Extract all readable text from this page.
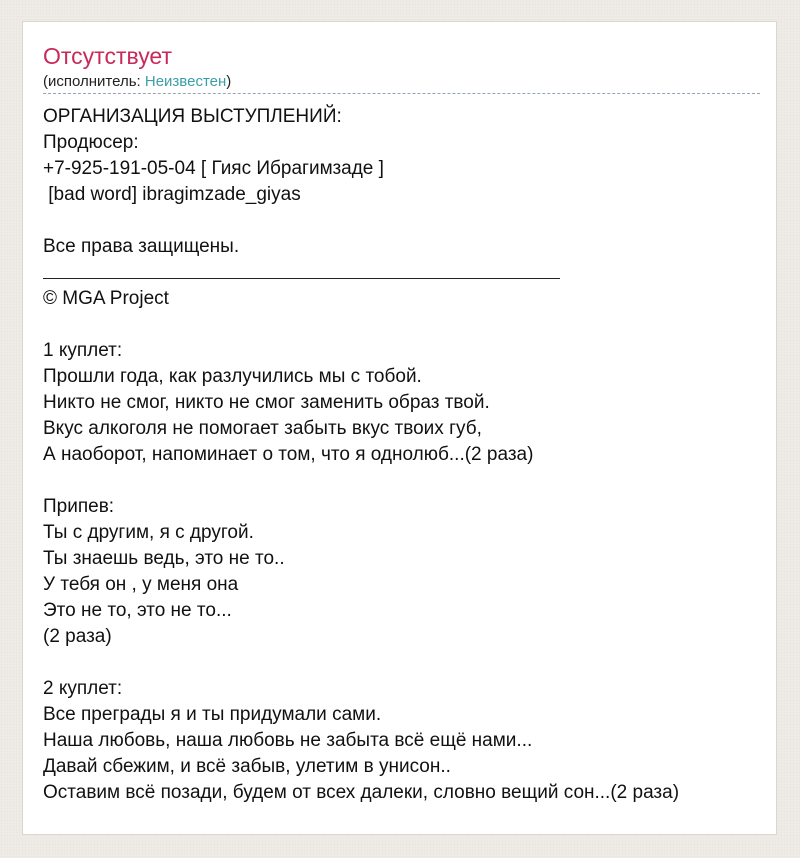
Отсутствует
(исполнитель: Неизвестен)
ОРГАНИЗАЦИЯ ВЫСТУПЛЕНИЙ:
Продюсер:
+7-925-191-05-04 [ Гияс Ибрагимзаде ]
[bad word] ibragimzade_giyas
Все права защищены.
© MGA Project
1 куплет:
Прошли года, как разлучились мы с тобой.
Никто не смог, никто не смог заменить образ твой.
Вкус алкоголя не помогает забыть вкус твоих губ,
А наоборот, напоминает о том, что я однолюб...(2 раза)
Припев:
Ты с другим, я с другой.
Ты знаешь ведь, это не то..
У тебя он , у меня она
Это не то, это не то...
(2 раза)
2 куплет:
Все преграды я и ты придумали сами.
Наша любовь, наша любовь не забыта всё ещё нами...
Давай сбежим, и всё забыв, улетим в унисон..
Оставим всё позади, будем от всех далеки, словно вещий сон...(2 раза)
